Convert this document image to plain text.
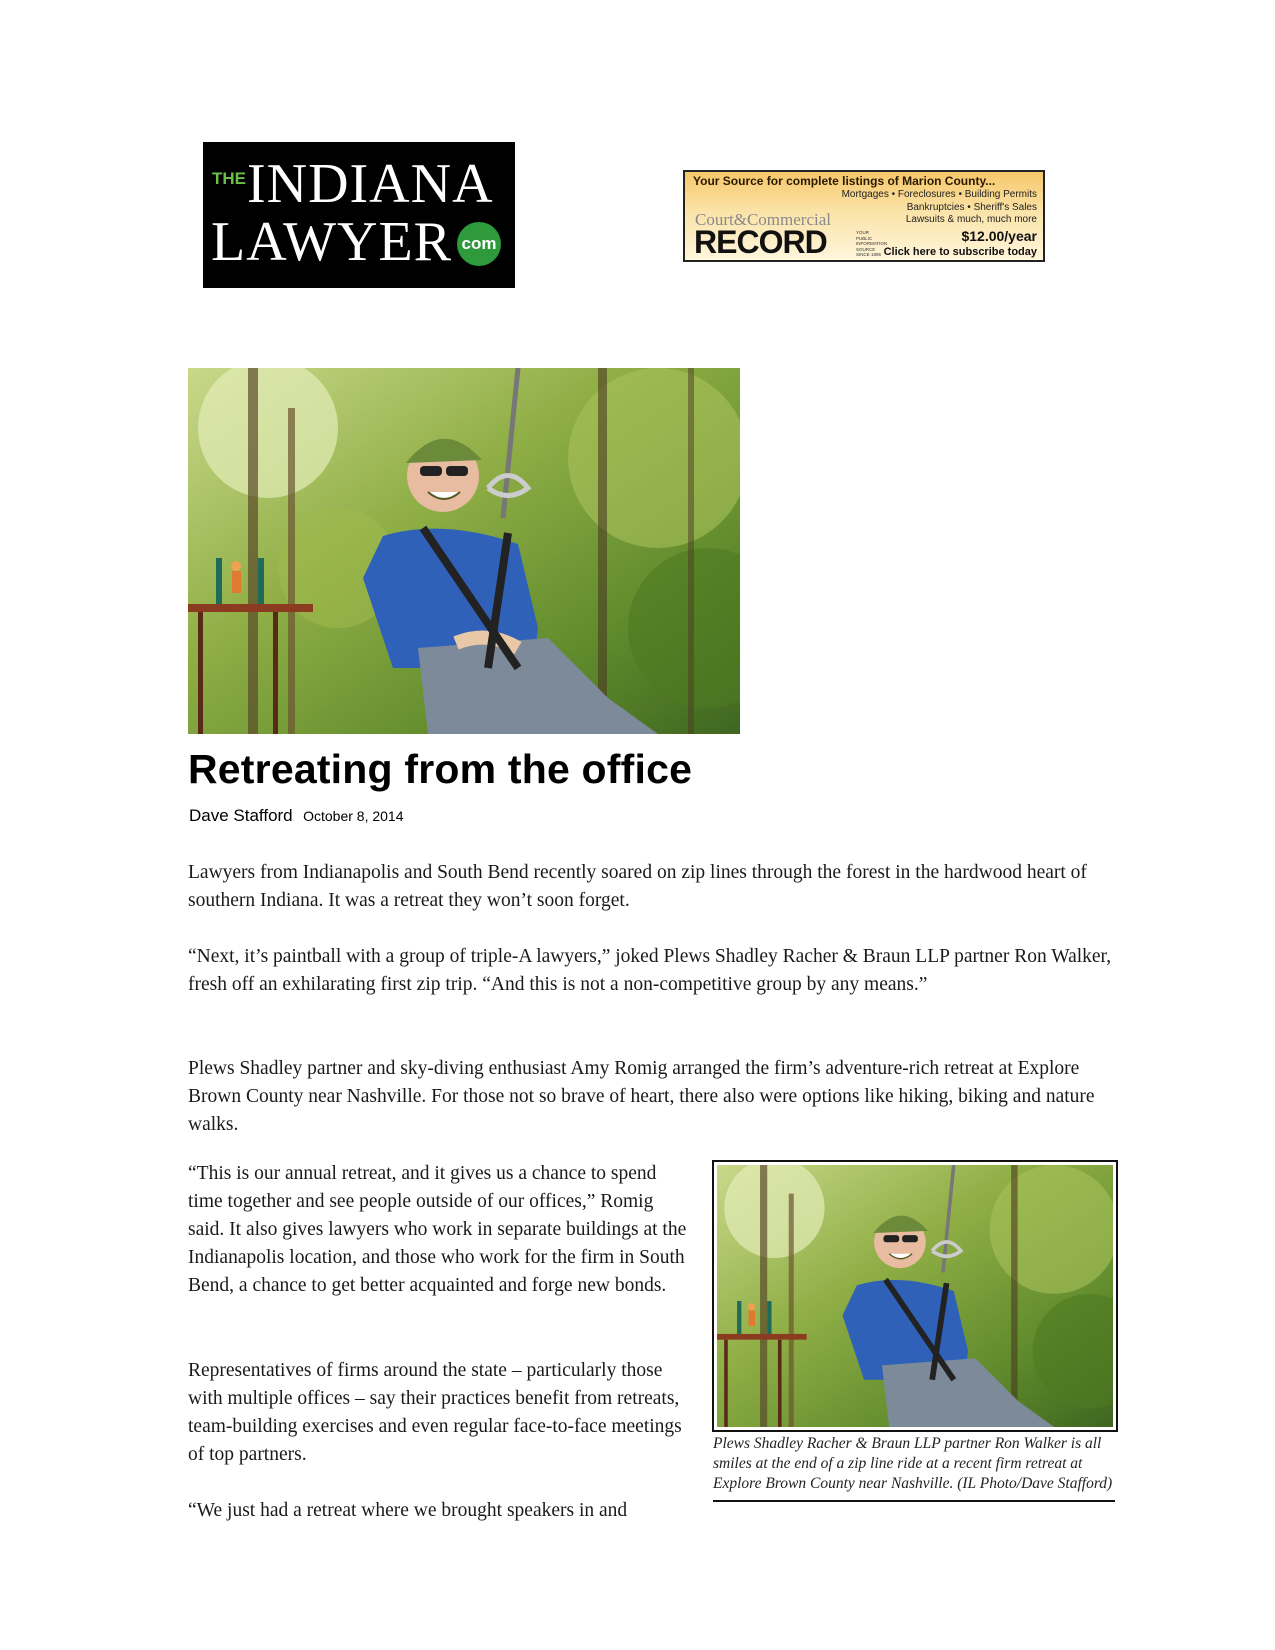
THE INDIANA
LAWYER com
Your Source for complete listings of Marion County...
Mortgages • Foreclosures • Building Permits
Bankruptcies • Sheriff's Sales
Lawsuits & much, much more
Court&Commercial
RECORD	YOUR PUBLIC INFORMATION SOURCE SINCE 1895
$12.00/year
Click here to subscribe today
Retreating from the office
Dave Stafford October 8, 2014

Lawyers from Indianapolis and South Bend recently soared on zip lines through the forest in the hardwood heart of southern Indiana. It was a retreat they won’t soon forget.

“Next, it’s paintball with a group of triple-A lawyers,” joked Plews Shadley Racher & Braun LLP partner Ron Walker, fresh off an exhilarating first zip trip. “And this is not a non-competitive group by any means.”

Plews Shadley partner and sky-diving enthusiast Amy Romig arranged the firm’s adventure-rich retreat at Explore Brown County near Nashville. For those not so brave of heart, there also were options like hiking, biking and nature walks.

“This is our annual retreat, and it gives us a chance to spend time together and see people outside of our offices,” Romig said. It also gives lawyers who work in separate buildings at the Indianapolis location, and those who work for the firm in South Bend, a chance to get better acquainted and forge new bonds.

Representatives of firms around the state – particularly those with multiple offices – say their practices benefit from retreats, team-building exercises and even regular face-to-face meetings of top partners.

“We just had a retreat where we brought speakers in and

Plews Shadley Racher & Braun LLP partner Ron Walker is all smiles at the end of a zip line ride at a recent firm retreat at Explore Brown County near Nashville. (IL Photo/Dave Stafford)
